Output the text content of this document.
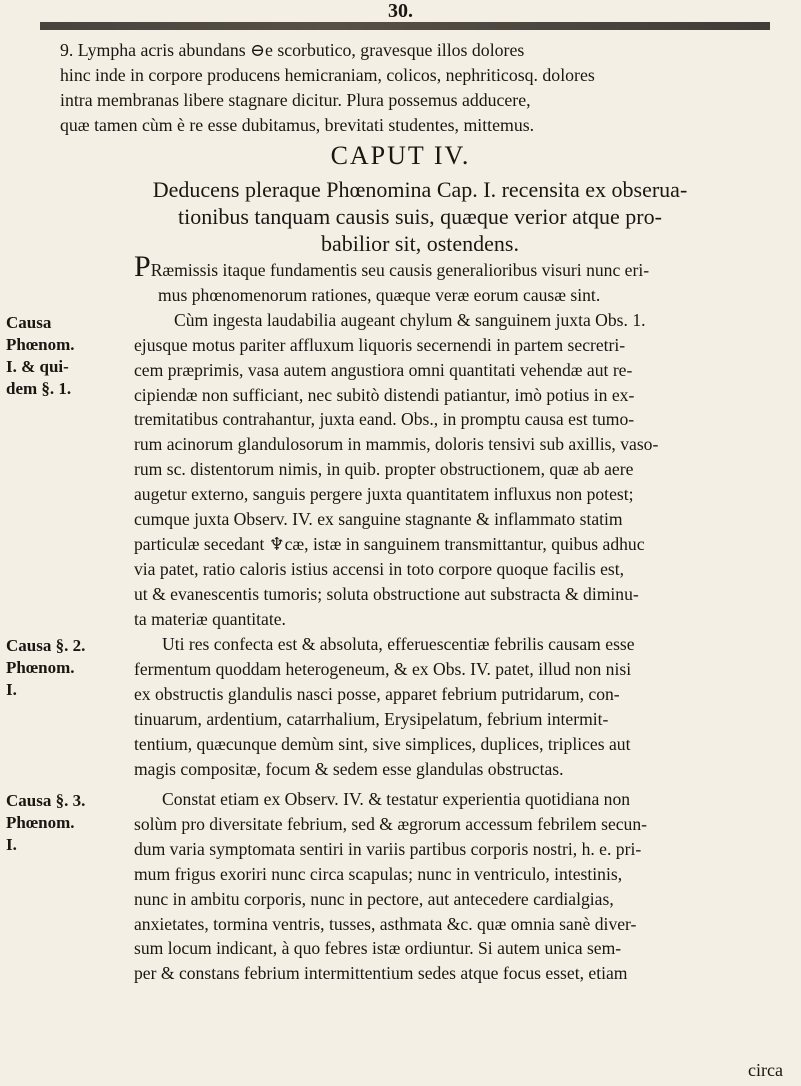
30.
Causa
Phœnom.
I. & qui-
dem §. 1.
Causa §. 2.
Phœnom.
I.
Causa §. 3.
Phœnom.
I.
9. Lympha acris abundans ⊖e scorbutico, gravesque illos dolores
hinc inde in corpore producens hemicraniam, colicos, nephriticosq. dolores
intra membranas libere stagnare dicitur. Plura possemus adducere,
quæ tamen cùm è re esse dubitamus, brevitati studentes, mittemus.
CAPUT IV.
Deducens pleraque Phœnomina Cap. I. recensita ex obserua-
tionibus tanquam causis suis, quæque verior atque pro-
babilior sit, ostendens.
PRæmissis itaque fundamentis seu causis generalioribus visuri nunc eri-
mus phœnomenorum rationes, quæque veræ eorum causæ sint.
Cùm ingesta laudabilia augeant chylum & sanguinem juxta Obs. 1.
ejusque motus pariter affluxum liquoris secernendi in partem secretri-
cem præprimis, vasa autem angustiora omni quantitati vehendæ aut re-
cipiendæ non sufficiant, nec subitò distendi patiantur, imò potius in ex-
tremitatibus contrahantur, juxta eand. Obs., in promptu causa est tumo-
rum acinorum glandulosorum in mammis, doloris tensivi sub axillis, vaso-
rum sc. distentorum nimis, in quib. propter obstructionem, quæ ab aere
augetur externo, sanguis pergere juxta quantitatem influxus non potest;
cumque juxta Observ. IV. ex sanguine stagnante & inflammato statim
particulæ secedant ♆cæ, istæ in sanguinem transmittantur, quibus adhuc
via patet, ratio caloris istius accensi in toto corpore quoque facilis est,
ut & evanescentis tumoris; soluta obstructione aut substracta & diminu-
ta materiæ quantitate.
Uti res confecta est & absoluta, efferuescentiæ febrilis causam esse
fermentum quoddam heterogeneum, & ex Obs. IV. patet, illud non nisi
ex obstructis glandulis nasci posse, apparet febrium putridarum, con-
tinuarum, ardentium, catarrhalium, Erysipelatum, febrium intermit-
tentium, quæcunque demùm sint, sive simplices, duplices, triplices aut
magis compositæ, focum & sedem esse glandulas obstructas.
Constat etiam ex Observ. IV. & testatur experientia quotidiana non
solùm pro diversitate febrium, sed & ægrorum accessum febrilem secun-
dum varia symptomata sentiri in variis partibus corporis nostri, h. e. pri-
mum frigus exoriri nunc circa scapulas; nunc in ventriculo, intestinis,
nunc in ambitu corporis, nunc in pectore, aut antecedere cardialgias,
anxietates, tormina ventris, tusses, asthmata &c. quæ omnia sanè diver-
sum locum indicant, à quo febres istæ ordiuntur. Si autem unica sem-
per & constans febrium intermittentium sedes atque focus esset, etiam
circa
